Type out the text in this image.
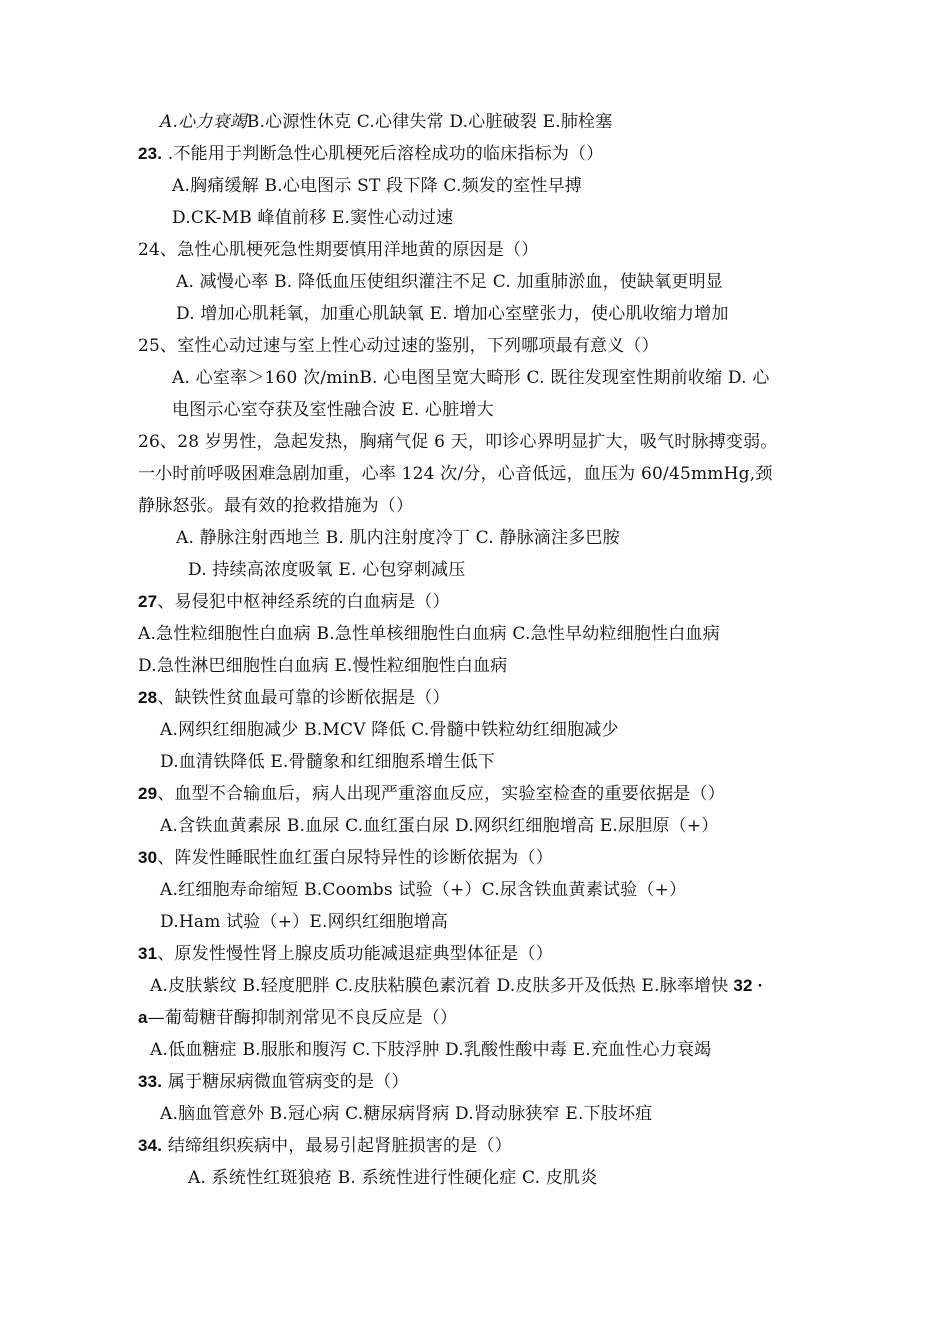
A.心力衰竭B.心源性休克 C.心律失常 D.心脏破裂 E.肺栓塞
23. .不能用于判断急性心肌梗死后溶栓成功的临床指标为（）
A.胸痛缓解 B.心电图示 ST 段下降 C.频发的室性早搏
D.CK-MB 峰值前移 E.窦性心动过速
24、急性心肌梗死急性期要慎用洋地黄的原因是（）
A. 减慢心率 B. 降低血压使组织灌注不足 C. 加重肺淤血，使缺氧更明显
D. 增加心肌耗氧，加重心肌缺氧 E. 增加心室壁张力，使心肌收缩力增加
25、室性心动过速与室上性心动过速的鉴别，下列哪项最有意义（）
A. 心室率＞160 次/minB. 心电图呈宽大畸形 C. 既往发现室性期前收缩 D. 心
电图示心室夺获及室性融合波 E. 心脏增大
26、28 岁男性，急起发热，胸痛气促 6 天，叩诊心界明显扩大，吸气时脉搏变弱。
一小时前呼吸困难急剧加重，心率 124 次/分，心音低远，血压为 60/45mmHg,颈
静脉怒张。最有效的抢救措施为（）
A. 静脉注射西地兰 B. 肌内注射度冷丁 C. 静脉滴注多巴胺
D. 持续高浓度吸氧 E. 心包穿刺减压
27、易侵犯中枢神经系统的白血病是（）
A.急性粒细胞性白血病 B.急性单核细胞性白血病 C.急性早幼粒细胞性白血病
D.急性淋巴细胞性白血病 E.慢性粒细胞性白血病
28、缺铁性贫血最可靠的诊断依据是（）
A.网织红细胞减少 B.MCV 降低 C.骨髓中铁粒幼红细胞减少
D.血清铁降低 E.骨髓象和红细胞系增生低下
29、血型不合输血后，病人出现严重溶血反应，实验室检查的重要依据是（）
A.含铁血黄素尿 B.血尿 C.血红蛋白尿 D.网织红细胞增高 E.尿胆原（+）
30、阵发性睡眠性血红蛋白尿特异性的诊断依据为（）
A.红细胞寿命缩短 B.Coombs 试验（+）C.尿含铁血黄素试验（+）
D.Ham 试验（+）E.网织红细胞增高
31、原发性慢性肾上腺皮质功能减退症典型体征是（）
A.皮肤紫纹 B.轻度肥胖 C.皮肤粘膜色素沉着 D.皮肤多开及低热 E.脉率增快 32 ·
a—葡萄糖苷酶抑制剂常见不良反应是（）
A.低血糖症 B.服胀和腹泻 C.下肢浮肿 D.乳酸性酸中毒 E.充血性心力衰竭
33. 属于糖尿病微血管病变的是（）
A.脑血管意外 B.冠心病 C.糖尿病肾病 D.肾动脉狭窄 E.下肢坏疽
34. 结缔组织疾病中，最易引起肾脏损害的是（）
A. 系统性红斑狼疮 B. 系统性进行性硬化症 C. 皮肌炎
